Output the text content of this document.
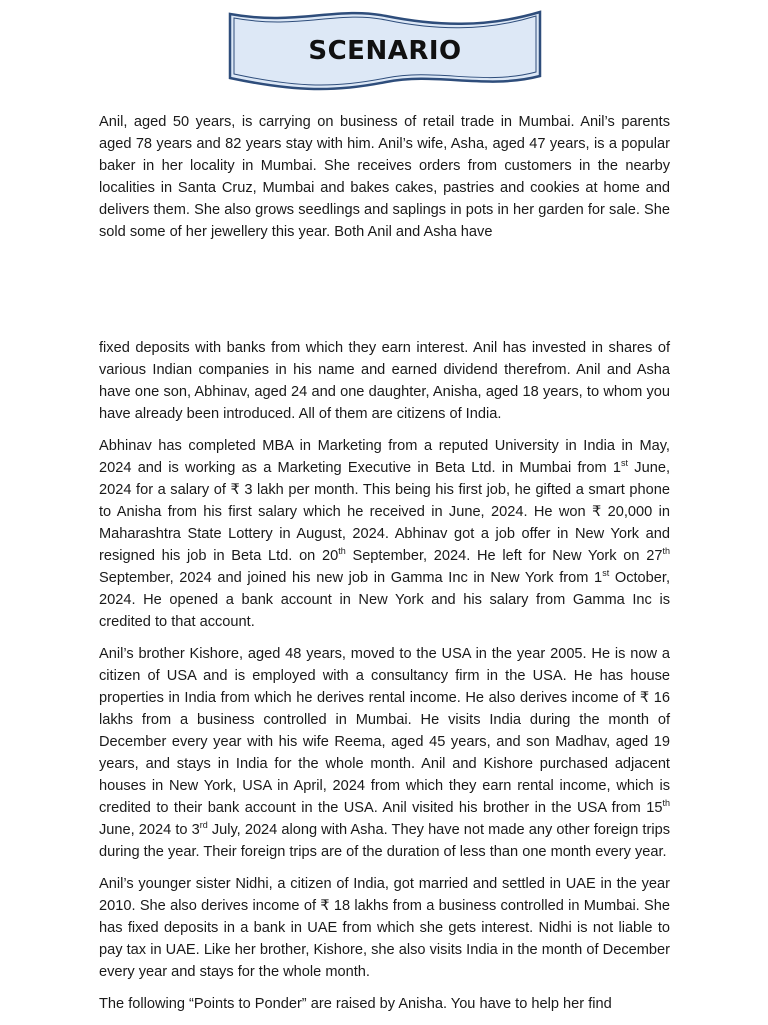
SCENARIO

Anil, aged 50 years, is carrying on business of retail trade in Mumbai. Anil’s parents aged 78 years and 82 years stay with him. Anil’s wife, Asha, aged 47 years, is a popular baker in her locality in Mumbai. She receives orders from customers in the nearby localities in Santa Cruz, Mumbai and bakes cakes, pastries and cookies at home and delivers them. She also grows seedlings and saplings in pots in her garden for sale. She sold some of her jewellery this year. Both Anil and Asha have

fixed deposits with banks from which they earn interest. Anil has invested in shares of various Indian companies in his name and earned dividend therefrom. Anil and Asha have one son, Abhinav, aged 24 and one daughter, Anisha, aged 18 years, to whom you have already been introduced. All of them are citizens of India.

Abhinav has completed MBA in Marketing from a reputed University in India in May, 2024 and is working as a Marketing Executive in Beta Ltd. in Mumbai from 1st June, 2024 for a salary of ₹ 3 lakh per month. This being his first job, he gifted a smart phone to Anisha from his first salary which he received in June, 2024. He won ₹ 20,000 in Maharashtra State Lottery in August, 2024. Abhinav got a job offer in New York and resigned his job in Beta Ltd. on 20th September, 2024. He left for New York on 27th September, 2024 and joined his new job in Gamma Inc in New York from 1st October, 2024. He opened a bank account in New York and his salary from Gamma Inc is credited to that account.

Anil’s brother Kishore, aged 48 years, moved to the USA in the year 2005. He is now a citizen of USA and is employed with a consultancy firm in the USA. He has house properties in India from which he derives rental income. He also derives income of ₹ 16 lakhs from a business controlled in Mumbai. He visits India during the month of December every year with his wife Reema, aged 45 years, and son Madhav, aged 19 years, and stays in India for the whole month. Anil and Kishore purchased adjacent houses in New York, USA in April, 2024 from which they earn rental income, which is credited to their bank account in the USA. Anil visited his brother in the USA from 15th June, 2024 to 3rd July, 2024 along with Asha. They have not made any other foreign trips during the year. Their foreign trips are of the duration of less than one month every year.

Anil’s younger sister Nidhi, a citizen of India, got married and settled in UAE in the year 2010. She also derives income of ₹ 18 lakhs from a business controlled in Mumbai. She has fixed deposits in a bank in UAE from which she gets interest. Nidhi is not liable to pay tax in UAE. Like her brother, Kishore, she also visits India in the month of December every year and stays for the whole month.

The following “Points to Ponder” are raised by Anisha. You have to help her find
